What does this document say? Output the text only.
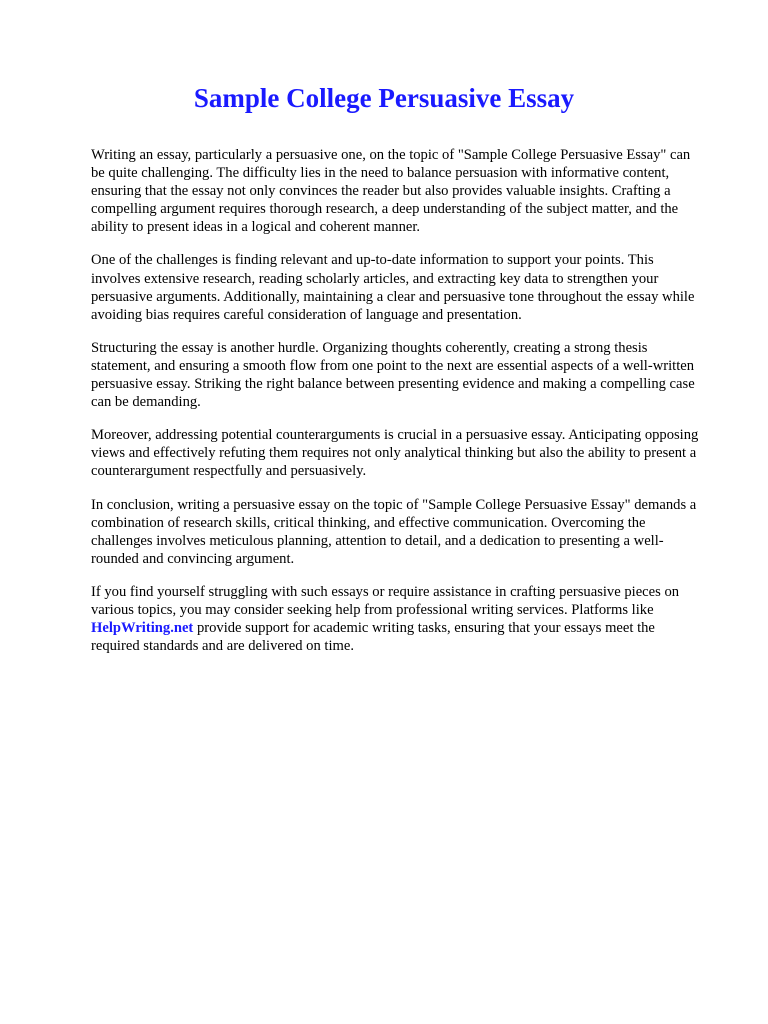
Sample College Persuasive Essay

Writing an essay, particularly a persuasive one, on the topic of "Sample College Persuasive Essay" can be quite challenging. The difficulty lies in the need to balance persuasion with informative content, ensuring that the essay not only convinces the reader but also provides valuable insights. Crafting a compelling argument requires thorough research, a deep understanding of the subject matter, and the ability to present ideas in a logical and coherent manner.

One of the challenges is finding relevant and up-to-date information to support your points. This involves extensive research, reading scholarly articles, and extracting key data to strengthen your persuasive arguments. Additionally, maintaining a clear and persuasive tone throughout the essay while avoiding bias requires careful consideration of language and presentation.

Structuring the essay is another hurdle. Organizing thoughts coherently, creating a strong thesis statement, and ensuring a smooth flow from one point to the next are essential aspects of a well-written persuasive essay. Striking the right balance between presenting evidence and making a compelling case can be demanding.

Moreover, addressing potential counterarguments is crucial in a persuasive essay. Anticipating opposing views and effectively refuting them requires not only analytical thinking but also the ability to present a counterargument respectfully and persuasively.

In conclusion, writing a persuasive essay on the topic of "Sample College Persuasive Essay" demands a combination of research skills, critical thinking, and effective communication. Overcoming the challenges involves meticulous planning, attention to detail, and a dedication to presenting a well-rounded and convincing argument.

If you find yourself struggling with such essays or require assistance in crafting persuasive pieces on various topics, you may consider seeking help from professional writing services. Platforms like HelpWriting.net provide support for academic writing tasks, ensuring that your essays meet the required standards and are delivered on time.
